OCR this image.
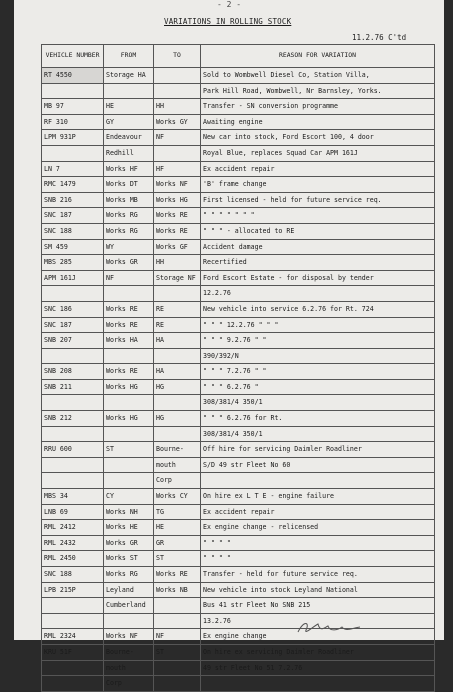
- 2 -
VARIATIONS IN ROLLING STOCK
11.2.76 C'td
VEHICLE NUMBER	FROM	TO	REASON FOR VARIATION
RT 4550	Storage HA		Sold to Wombwell Diesel Co, Station Villa,
			Park Hill Road, Wombwell, Nr Barnsley, Yorks.
MB 97	HE	HH	Transfer - SN conversion programme
RF 310	GY	Works GY	Awaiting engine
LPM 931P	Endeavour	NF	New car into stock, Ford Escort 100, 4 door
	Redhill		Royal Blue, replaces Squad Car APM 161J
LN 7	Works HF	HF	Ex accident repair
RMC 1479	Works DT	Works NF	'B' frame change
SNB 216	Works MB	Works HG	First licensed - held for future service req.
SNC 187	Works RG	Works RE	" " " " " " "
SNC 188	Works RG	Works RE	" " " - allocated to RE
SM 459	WY	Works GF	Accident damage
MBS 285	Works GR	HH	Recertified
APM 161J	NF	Storage NF	Ford Escort Estate - for disposal by tender
			12.2.76
SNC 186	Works RE	RE	New vehicle into service 6.2.76 for Rt. 724
SNC 187	Works RE	RE	" " " 12.2.76 " " "
SNB 207	Works HA	HA	" " " 9.2.76 " "
			390/392/N
SNB 208	Works RE	HA	" " " 7.2.76 " "
SNB 211	Works HG	HG	" " " 6.2.76 "
			308/381/4 350/1
SNB 212	Works HG	HG	" " " 6.2.76 for Rt.
			308/381/4 350/1
RRU 600	ST	Bourne-	Off hire for servicing Daimler Roadliner
		mouth	S/D 49 str Fleet No 60
		Corp	
MBS 34	CY	Works CY	On hire ex L T E - engine failure
LNB 69	Works NH	TG	Ex accident repair
RML 2412	Works HE	HE	Ex engine change - relicensed
RML 2432	Works GR	GR	" " " "
RML 2450	Works ST	ST	" " " "
SNC 188	Works RG	Works RE	Transfer - held for future service req.
LPB 215P	Leyland	Works NB	New vehicle into stock Leyland National
	Cumberland		Bus 41 str Fleet No SNB 215
			13.2.76
RML 2324	Works NF	NF	Ex engine change
KRU 51F	Bourne-	ST	On hire ex servicing Daimler Roadliner
	mouth		49 str Fleet No 51 7.2.76
	Corp		
